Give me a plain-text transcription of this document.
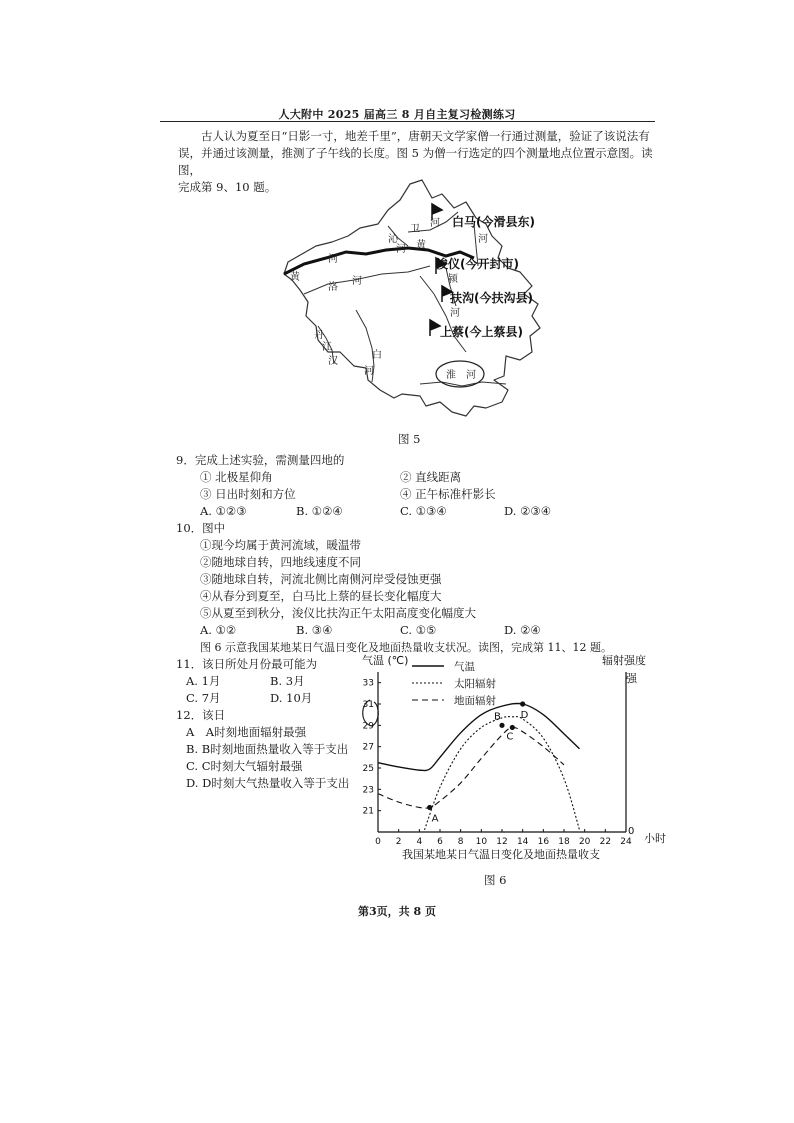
人大附中 2025 届高三 8 月自主复习检测练习
古人认为夏至日“日影一寸，地差千里”，唐朝天文学家僧一行通过测量，验证了该说法有
误，并通过该测量，推测了子午线的长度。图 5 为僧一行选定的四个测量地点位置示意图。读图，
完成第 9、10 题。
黄
河
黄
洛
河
卫
河
沁
河
河
颍
河
白
河
丹
江
汉
淮　河
白马(今滑县东)
浚仪(今开封市)
扶沟(今扶沟县)
上蔡(今上蔡县)
图 5
9．完成上述实验，需测量四地的
① 北极星仰角	② 直线距离
③ 日出时刻和方位	④ 正午标准杆影长
A. ①②③	B. ①②④	C. ①③④	D. ②③④
10．图中
①现今均属于黄河流域，暖温带
②随地球自转，四地线速度不同
③随地球自转，河流北侧比南侧河岸受侵蚀更强
④从春分到夏至，白马比上蔡的昼长变化幅度大
⑤从夏至到秋分，浚仪比扶沟正午太阳高度变化幅度大
A. ①②	B. ③④	C. ①⑤	D. ②④
图 6 示意我国某地某日气温日变化及地面热量收支状况。读图，完成第 11、12 题。
11．该日所处月份最可能为
A. 1月	B. 3月
C. 7月	D. 10月
12．该日
A　A时刻地面辐射最强
B. B时刻地面热量收入等于支出
C. C时刻大气辐射最强
D. D时刻大气热量收入等于支出
气温 (℃)	辐射强度
强
0
小时
我国某地某日气温日变化及地面热量收支
0 2 4 6 8 10 12 14 16 18 20 22 24
21
23
25
27
29
31
33
气温
太阳辐射
地面辐射
A
B
C
D
图 6
第3页，共 8 页
